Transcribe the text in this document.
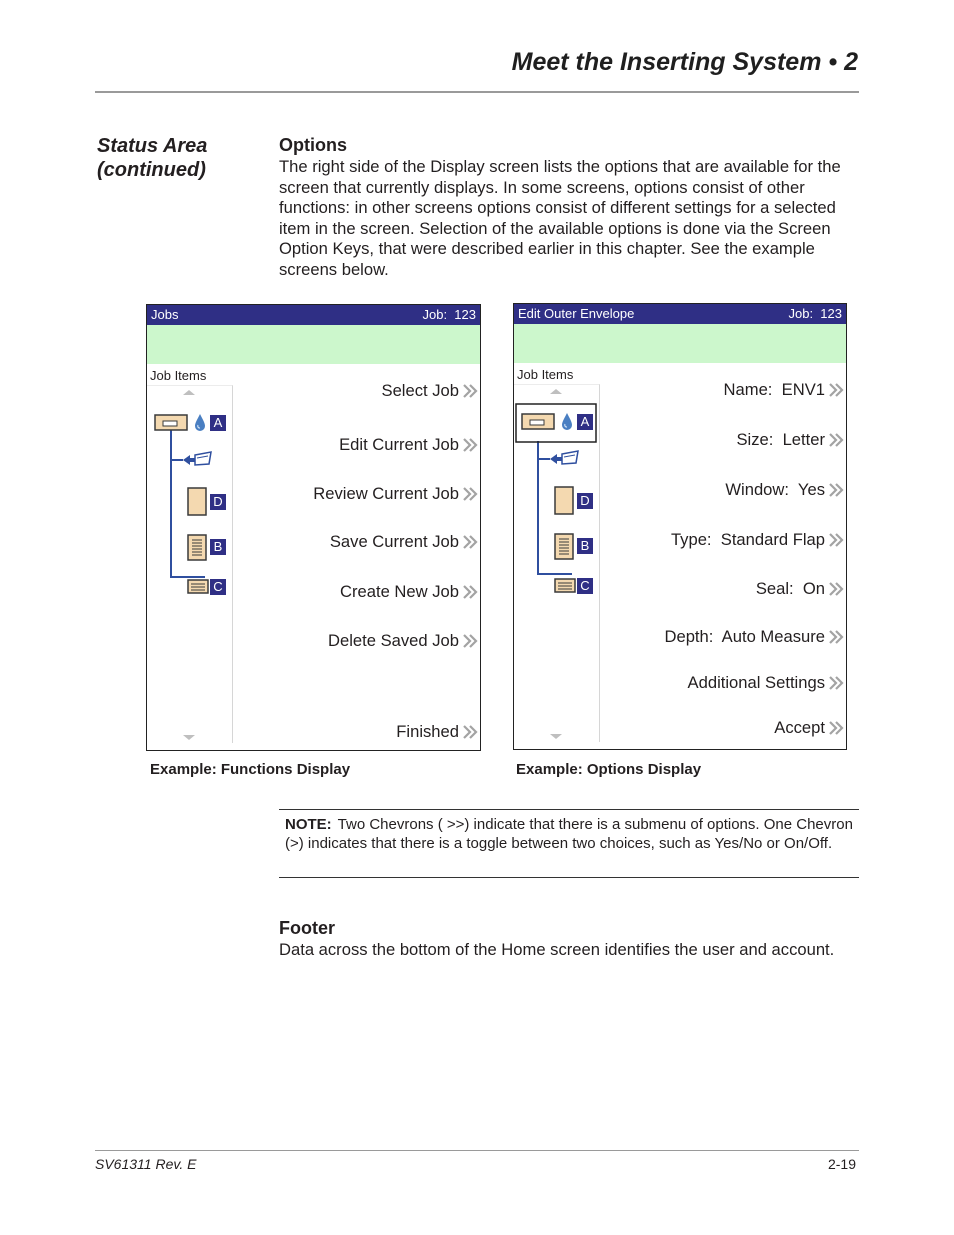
Meet the Inserting System • 2
Status Area
(continued)
Options
The right side of the Display screen lists the options that are available for the screen that currently displays. In some screens, options consist of other functions: in other screens options consist of different settings for a selected item in the screen. Selection of the available options is done via the Screen Option Keys, that were described earlier in this chapter. See the example screens below.
Jobs	Job:  123
Job Items
A
D
B
C
Select Job
Edit Current Job
Review Current Job
Save Current Job
Create New Job
Delete Saved Job
Finished
Example: Functions Display
Edit Outer Envelope	Job:  123
Job Items
A
D
B
C
Name:  ENV1
Size:  Letter
Window:  Yes
Type:  Standard Flap
Seal:  On
Depth:  Auto Measure
Additional Settings
Accept
Example: Options Display
NOTE: Two Chevrons ( >>) indicate that there is a submenu of options. One Chevron (>) indicates that there is a toggle between two choices, such as Yes/No or On/Off.
Footer
Data across the bottom of the Home screen identifies the user and account.
SV61311 Rev. E	2-19
